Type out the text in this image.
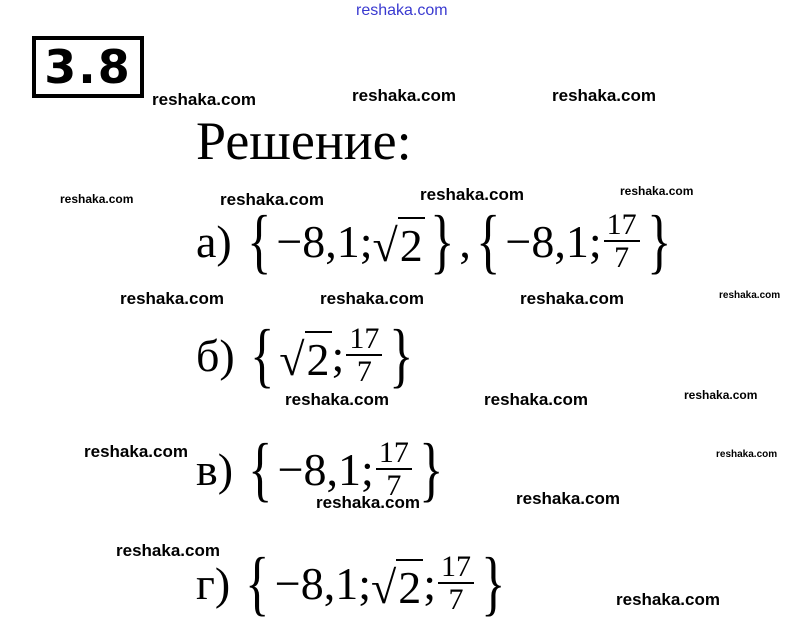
reshaka.com
3.8
Решение:
reshaka.com	reshaka.com	reshaka.com
reshaka.com	reshaka.com	reshaka.com	reshaka.com
reshaka.com	reshaka.com	reshaka.com	reshaka.com
reshaka.com	reshaka.com	reshaka.com
reshaka.com	reshaka.com
reshaka.com	reshaka.com
reshaka.com
reshaka.com
а) { −8,1; √ 2 } , { −8,1; $\frac{17}{7}$ }
б) { √ 2 ; $\frac{17}{7}$ }
в) { −8,1; $\frac{17}{7}$ }
г) { −8,1; √ 2 ; $\frac{17}{7}$ }
